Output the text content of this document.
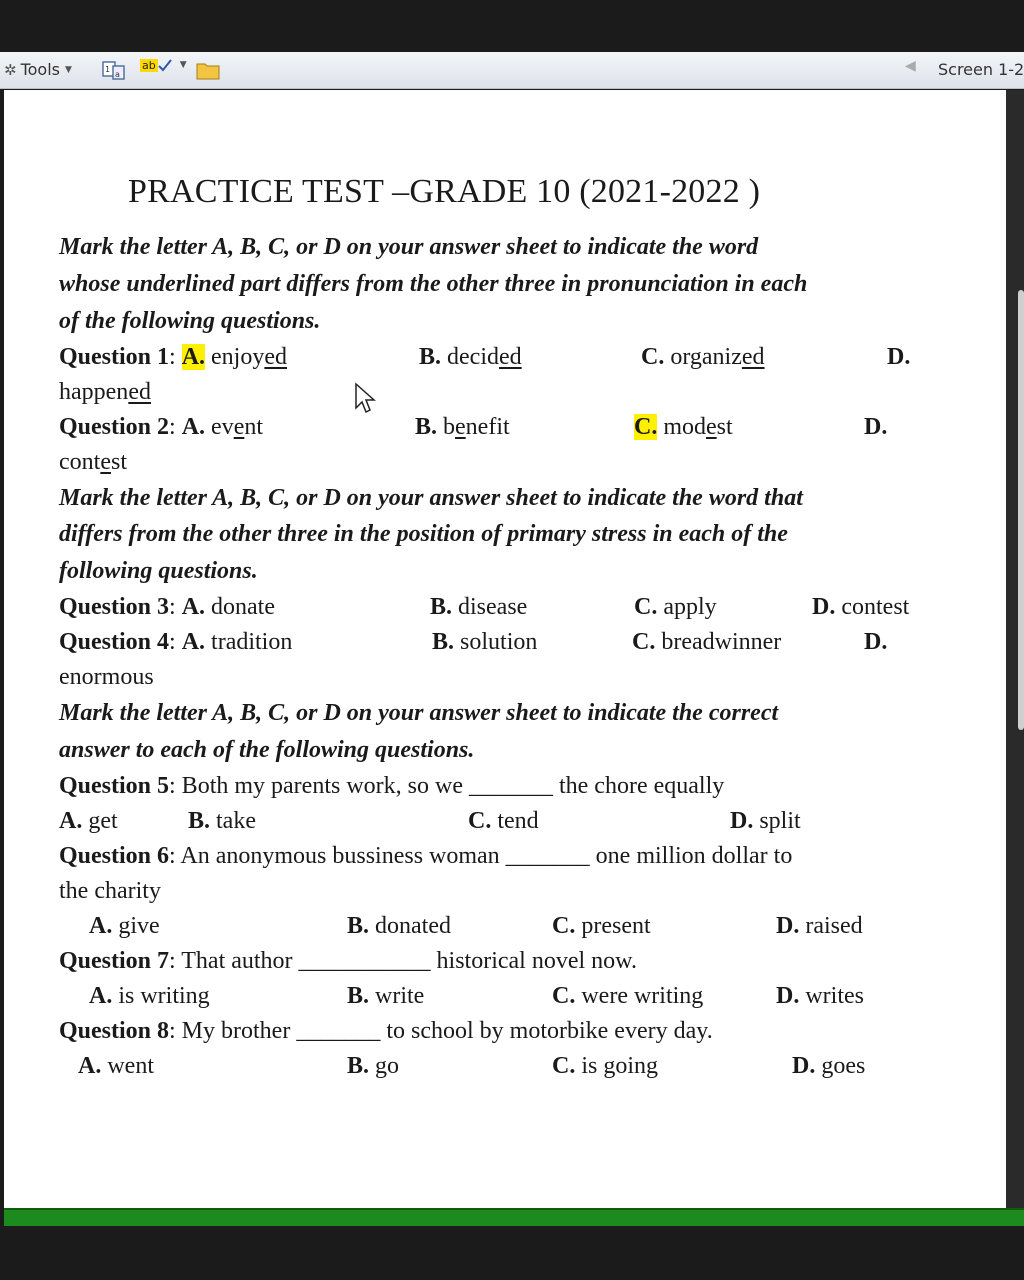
✲ Tools ▼	1
a
ab	▼	◀ Screen 1-2
PRACTICE TEST –GRADE 10 (2021-2022 )
Mark the letter A, B, C, or D on your answer sheet to indicate the word
whose underlined part differs from the other three in pronunciation in each
of the following questions.
Question 1: A. enjoyed	B. decided	C. organized	D.
happened
Question 2: A. event	B. benefit	C. modest	D.
contest
Mark the letter A, B, C, or D on your answer sheet to indicate the word that
differs from the other three in the position of primary stress in each of the
following questions.
Question 3: A. donate	B. disease	C. apply	D. contest
Question 4: A. tradition	B. solution	C. breadwinner	D.
enormous
Mark the letter A, B, C, or D on your answer sheet to indicate the correct
answer to each of the following questions.
Question 5: Both my parents work, so we _______ the chore equally
A. get	B. take	C. tend	D. split
Question 6: An anonymous bussiness woman _______ one million dollar to
the charity
A. give	B. donated	C. present	D. raised
Question 7: That author ___________ historical novel now.
A. is writing	B. write	C. were writing	D. writes
Question 8: My brother _______ to school by motorbike every day.
A. went	B. go	C. is going	D. goes
